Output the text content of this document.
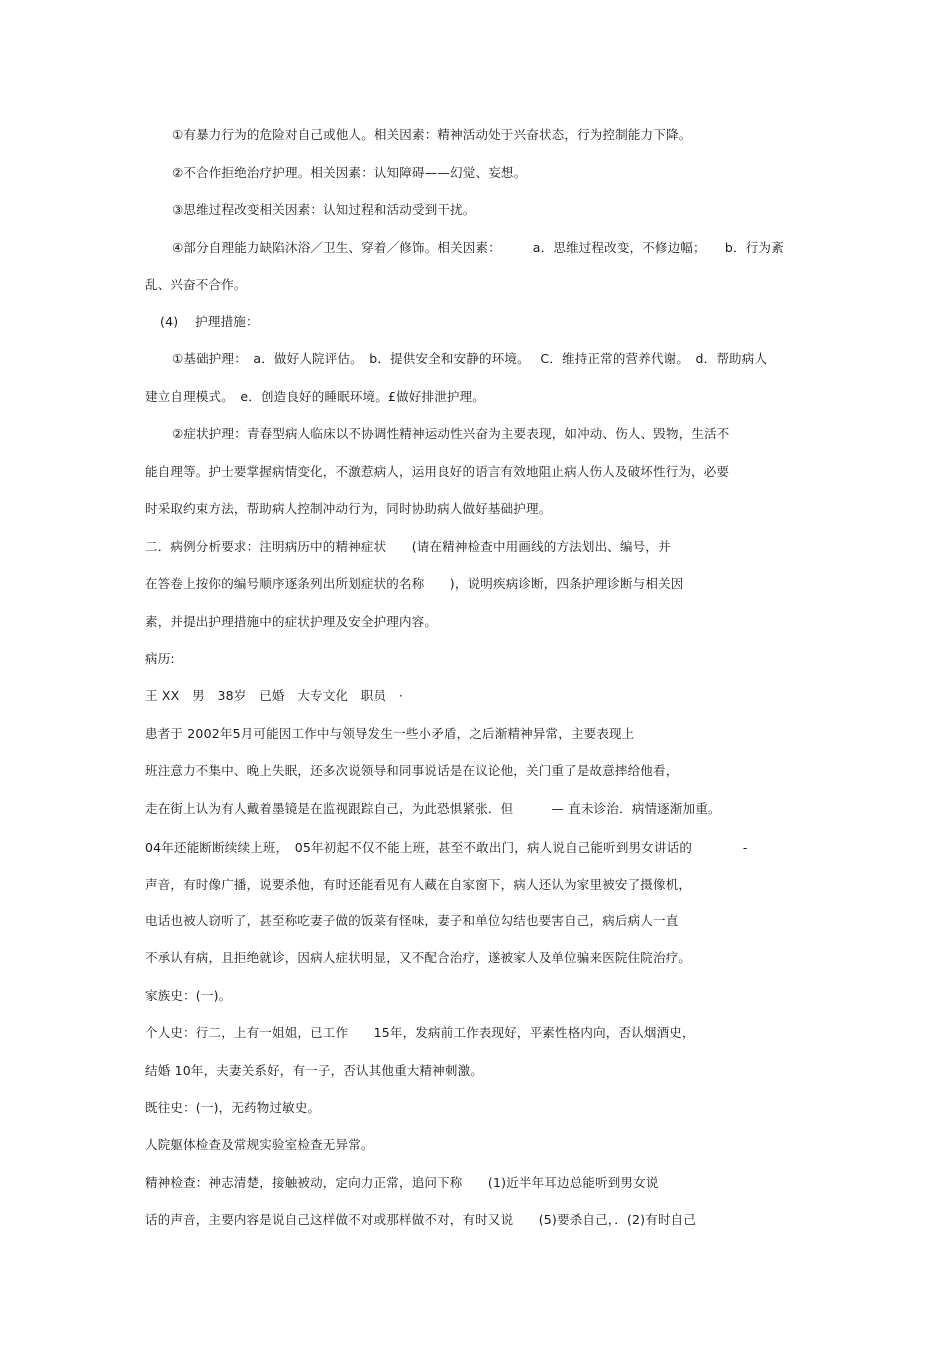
①有暴力行为的危险对自己或他人。相关因素：精神活动处于兴奋状态，行为控制能力下降。
②不合作拒绝治疗护理。相关因素：认知障碍——幻觉、妄想。
③思维过程改变相关因素：认知过程和活动受到干扰。
④部分自理能力缺陷沐浴／卫生、穿着／修饰。相关因素：　　　a．思维过程改变，不修边幅；　　b．行为紊
乱、兴奋不合作。
(4)　 护理措施：
①基础护理：　a．做好人院评估。　b．提供安全和安静的环境。　 C．维持正常的营养代谢。　d．帮助病人
建立自理模式。　e．创造良好的睡眠环境。£做好排泄护理。
②症状护理：青春型病人临床以不协调性精神运动性兴奋为主要表现，如冲动、伤人、毁物，生活不
能自理等。护士要掌握病情变化，不激惹病人，运用良好的语言有效地阻止病人伤人及破坏性行为，必要
时采取约束方法，帮助病人控制冲动行为，同时协助病人做好基础护理。
二．病例分析要求：注明病历中的精神症状　　(请在精神检查中用画线的方法划出、编号，并
在答卷上按你的编号顺序逐条列出所划症状的名称　　)，说明疾病诊断，四条护理诊断与相关因
素，并提出护理措施中的症状护理及安全护理内容。
病历:
王 XX　男　38岁　已婚　大专文化　职员　·
患者于 2002年5月可能因工作中与领导发生一些小矛盾，之后渐精神异常，主要表现上
班注意力不集中、晚上失眠，还多次说领导和同事说话是在议论他，关门重了是故意摔给他看，
走在街上认为有人戴着墨镜是在监视跟踪自己，为此恐惧紧张．但　　　— 直未诊治．病情逐渐加重。
04年还能断断续续上班，　05年初起不仅不能上班，甚至不敢出门，病人说自己能听到男女讲话的　　　　-
声音，有时像广播，说要杀他，有时还能看见有人藏在自家窗下，病人还认为家里被安了摄像机，
电话也被人窃听了，甚至称吃妻子做的饭菜有怪味，妻子和单位勾结也要害自己，病后病人一直
不承认有病，且拒绝就诊，因病人症状明显，又不配合治疗，遂被家人及单位骗来医院住院治疗。
家族史：(一)。
个人史：行二，上有一姐姐，已工作　　15年，发病前工作表现好，平素性格内向，否认烟酒史，
结婚 10年，夫妻关系好，有一子，否认其他重大精神刺激。
既往史：(一)，无药物过敏史。
人院躯体检查及常规实验室检查无异常。
精神检查：神志清楚，接触被动，定向力正常，追问下称　　(1)近半年耳边总能听到男女说
话的声音，主要内容是说自己这样做不对或那样做不对，有时又说　　(5)要杀自己，．(2)有时自己
